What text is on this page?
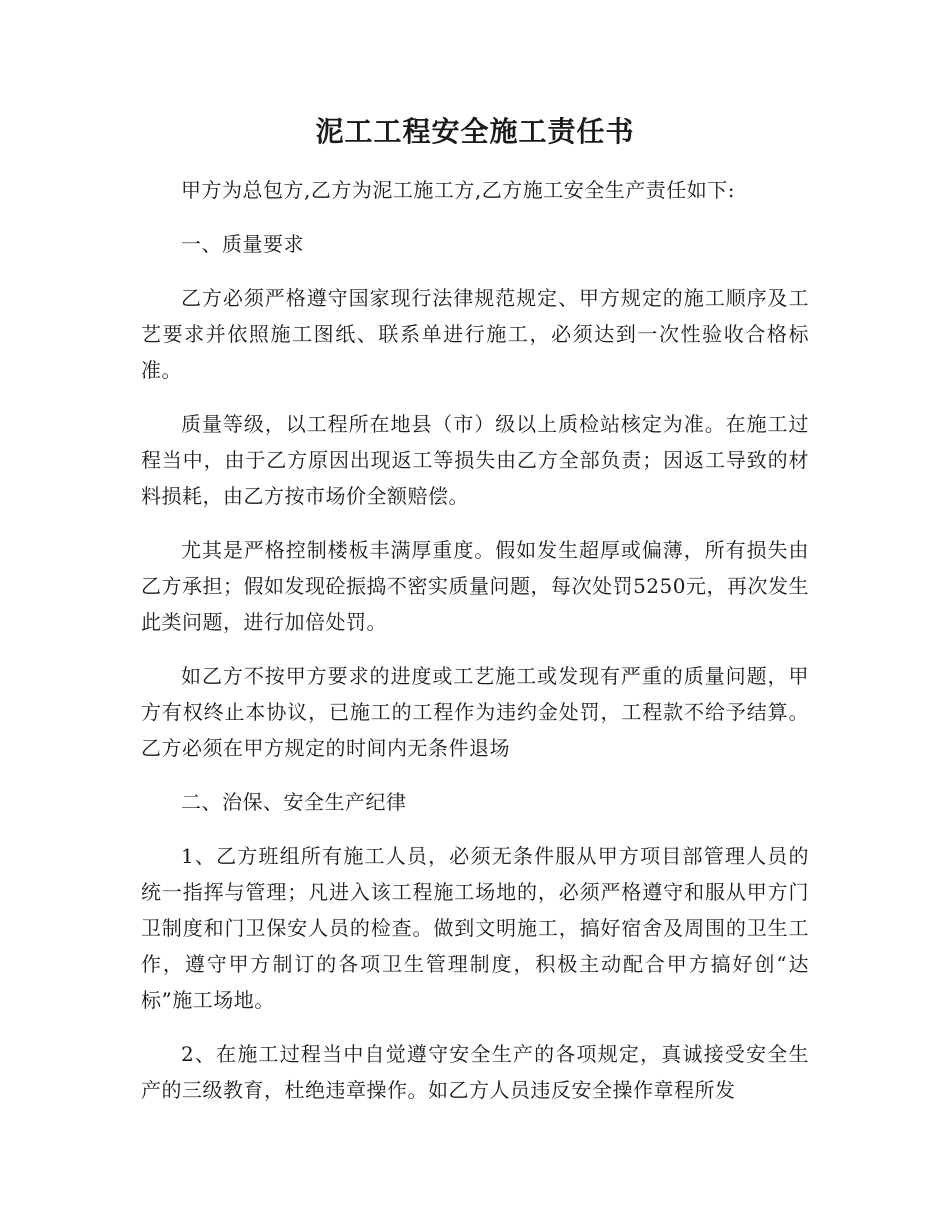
泥工工程安全施工责任书

甲方为总包方,乙方为泥工施工方,乙方施工安全生产责任如下:

一、质量要求

乙方必须严格遵守国家现行法律规范规定、甲方规定的施工顺序及工艺要求并依照施工图纸、联系单进行施工，必须达到一次性验收合格标准。

质量等级，以工程所在地县（市）级以上质检站核定为准。在施工过程当中，由于乙方原因出现返工等损失由乙方全部负责；因返工导致的材料损耗，由乙方按市场价全额赔偿。

尤其是严格控制楼板丰满厚重度。假如发生超厚或偏薄，所有损失由乙方承担；假如发现砼振捣不密实质量问题，每次处罚5250元，再次发生此类问题，进行加倍处罚。

如乙方不按甲方要求的进度或工艺施工或发现有严重的质量问题，甲方有权终止本协议，已施工的工程作为违约金处罚，工程款不给予结算。乙方必须在甲方规定的时间内无条件退场

二、治保、安全生产纪律

1、乙方班组所有施工人员，必须无条件服从甲方项目部管理人员的统一指挥与管理；凡进入该工程施工场地的，必须严格遵守和服从甲方门卫制度和门卫保安人员的检查。做到文明施工，搞好宿舍及周围的卫生工作，遵守甲方制订的各项卫生管理制度，积极主动配合甲方搞好创“达标”施工场地。

2、在施工过程当中自觉遵守安全生产的各项规定，真诚接受安全生产的三级教育，杜绝违章操作。如乙方人员违反安全操作章程所发
